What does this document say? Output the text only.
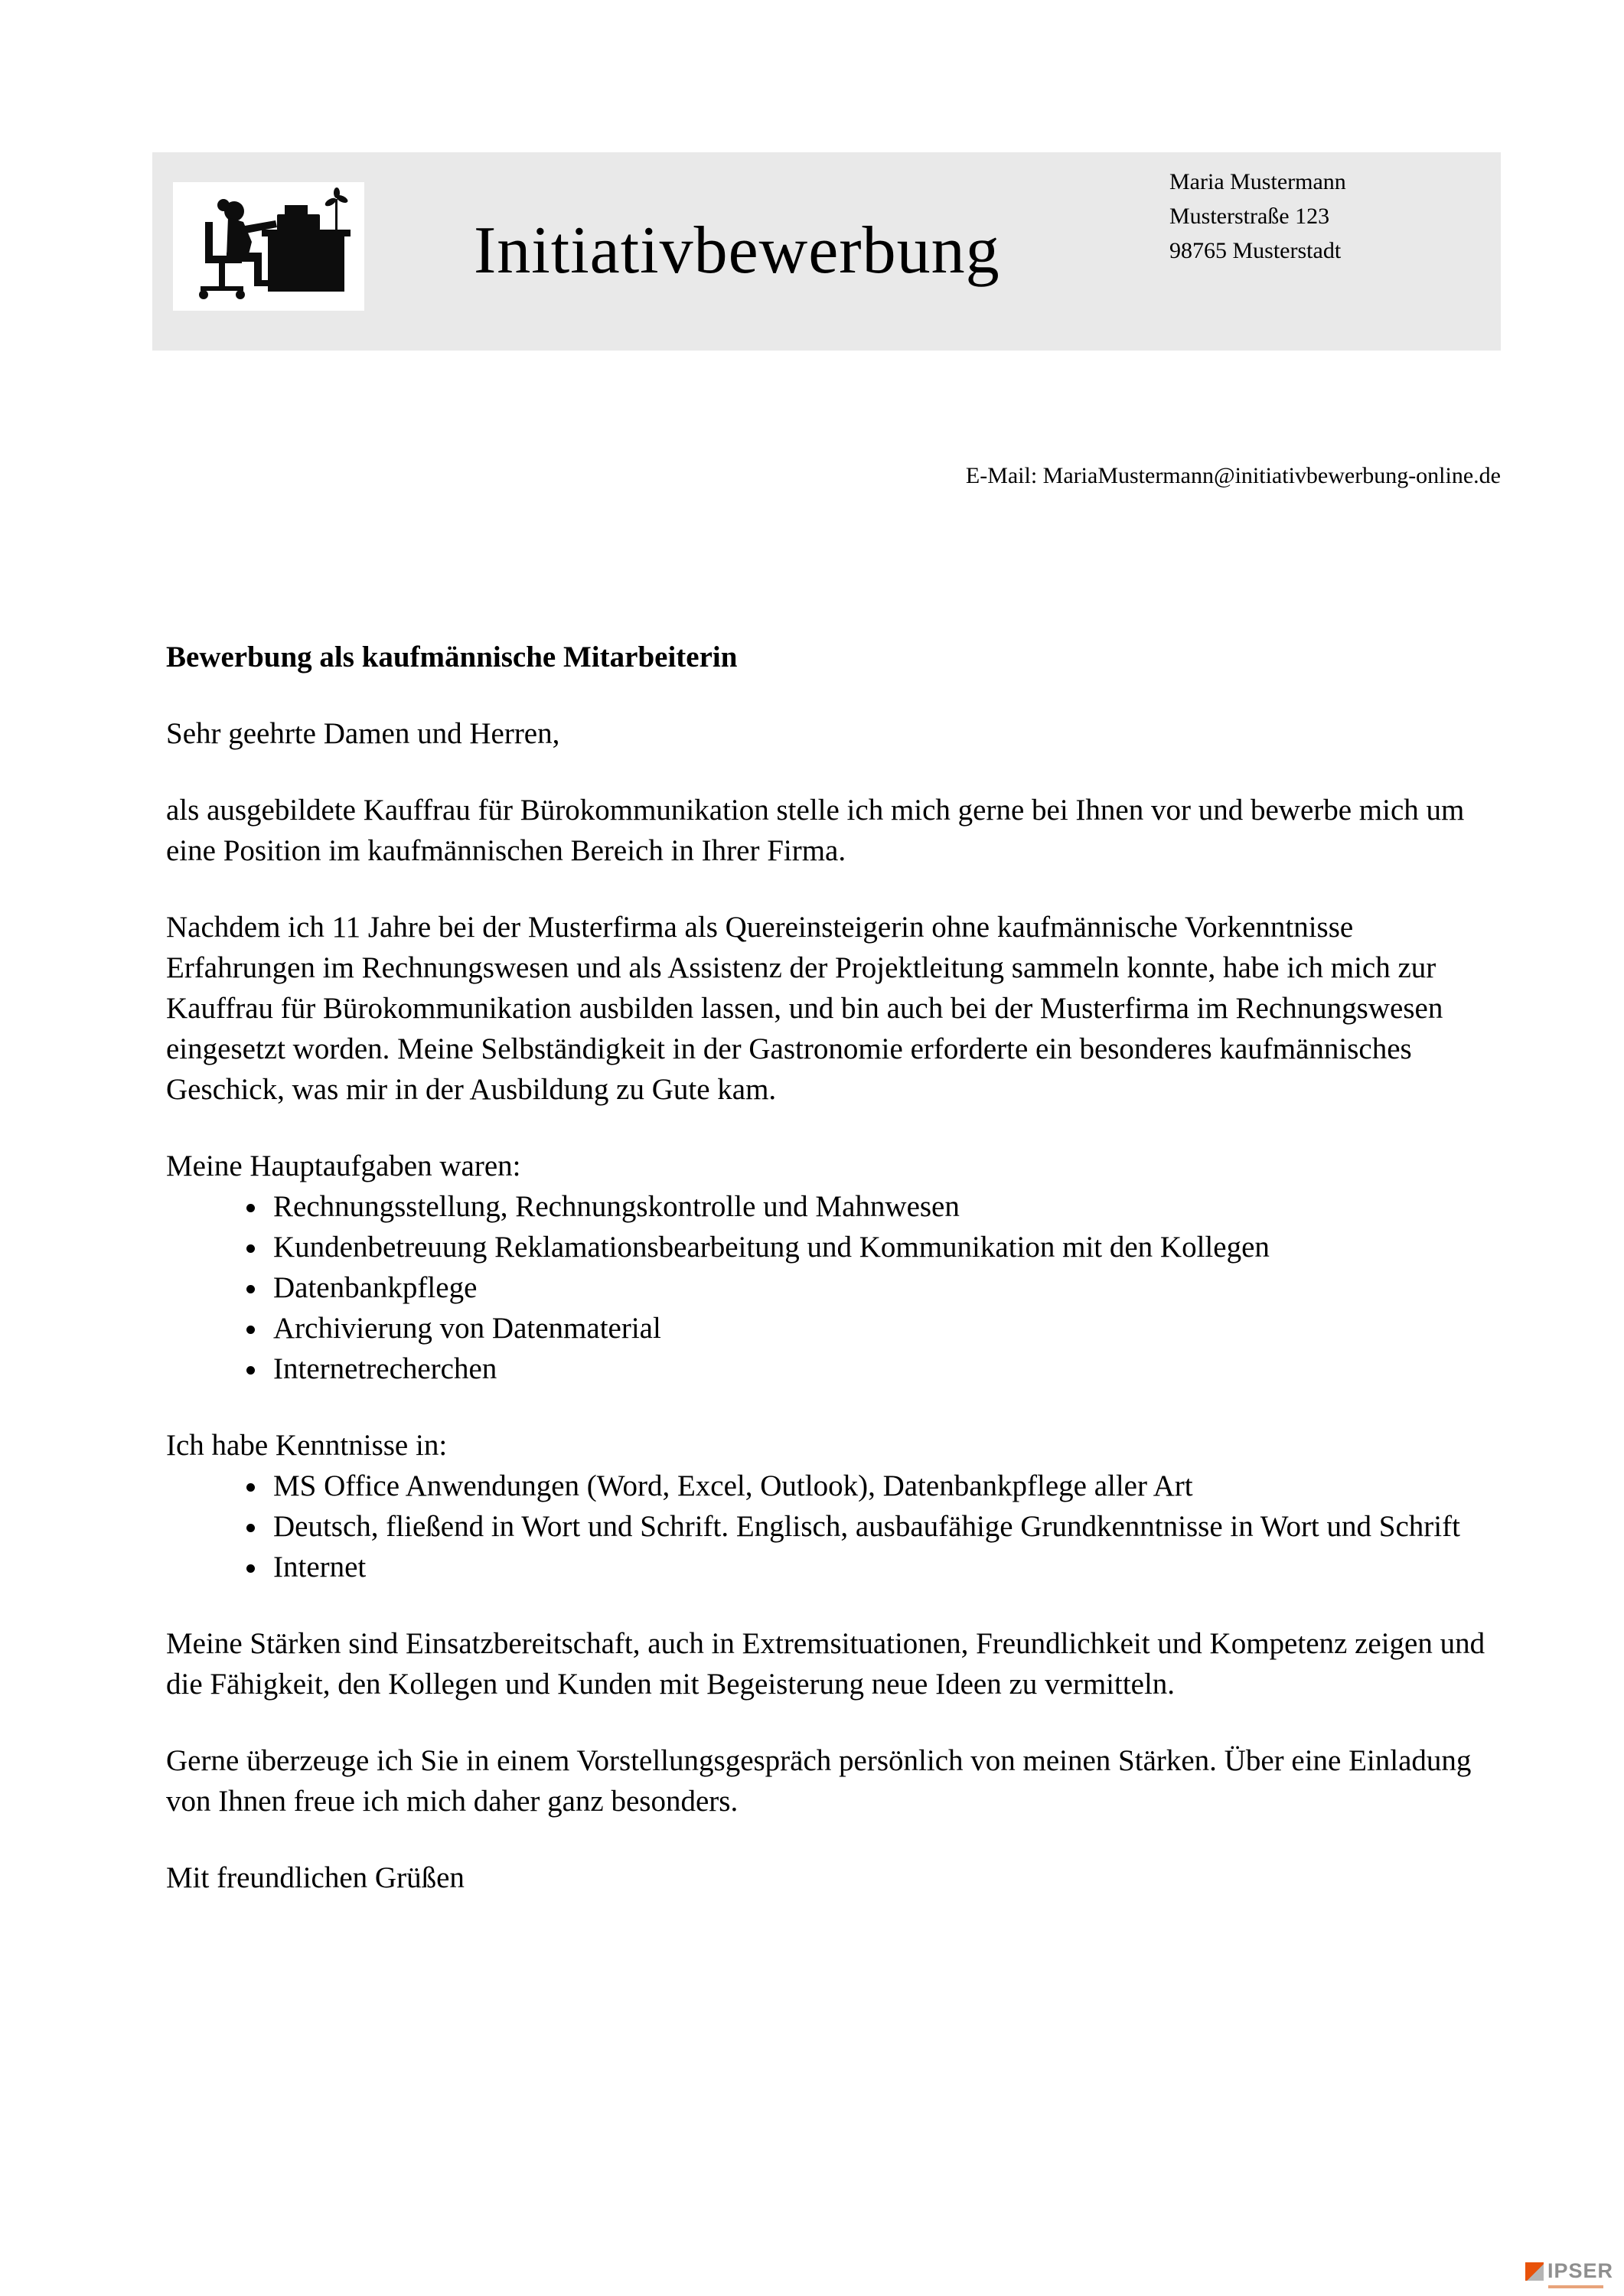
Initiativbewerbung
Maria Mustermann
Musterstraße 123
98765 Musterstadt
E-Mail: MariaMustermann@initiativbewerbung-online.de

Bewerbung als kaufmännische Mitarbeiterin

Sehr geehrte Damen und Herren,

als ausgebildete Kauffrau für Bürokommunikation stelle ich mich gerne bei Ihnen vor und bewerbe mich um eine Position im kaufmännischen Bereich in Ihrer Firma.

Nachdem ich 11 Jahre bei der Musterfirma als Quereinsteigerin ohne kaufmännische Vorkenntnisse Erfahrungen im Rechnungswesen und als Assistenz der Projektleitung sammeln konnte, habe ich mich zur Kauffrau für Bürokommunikation ausbilden lassen, und bin auch bei der Musterfirma im Rechnungswesen eingesetzt worden. Meine Selbständigkeit in der Gastronomie erforderte ein besonderes kaufmännisches Geschick, was mir in der Ausbildung zu Gute kam.

Meine Hauptaufgaben waren:

• Rechnungsstellung, Rechnungskontrolle und Mahnwesen
• Kundenbetreuung Reklamationsbearbeitung und Kommunikation mit den Kollegen
• Datenbankpflege
• Archivierung von Datenmaterial
• Internetrecherchen

Ich habe Kenntnisse in:

• MS Office Anwendungen (Word, Excel, Outlook), Datenbankpflege aller Art
• Deutsch, fließend in Wort und Schrift. Englisch, ausbaufähige Grundkenntnisse in Wort und Schrift
• Internet

Meine Stärken sind Einsatzbereitschaft, auch in Extremsituationen, Freundlichkeit und Kompetenz zeigen und die Fähigkeit, den Kollegen und Kunden mit Begeisterung neue Ideen zu vermitteln.

Gerne überzeuge ich Sie in einem Vorstellungsgespräch persönlich von meinen Stärken. Über eine Einladung von Ihnen freue ich mich daher ganz besonders.

Mit freundlichen Grüßen

IPSER
